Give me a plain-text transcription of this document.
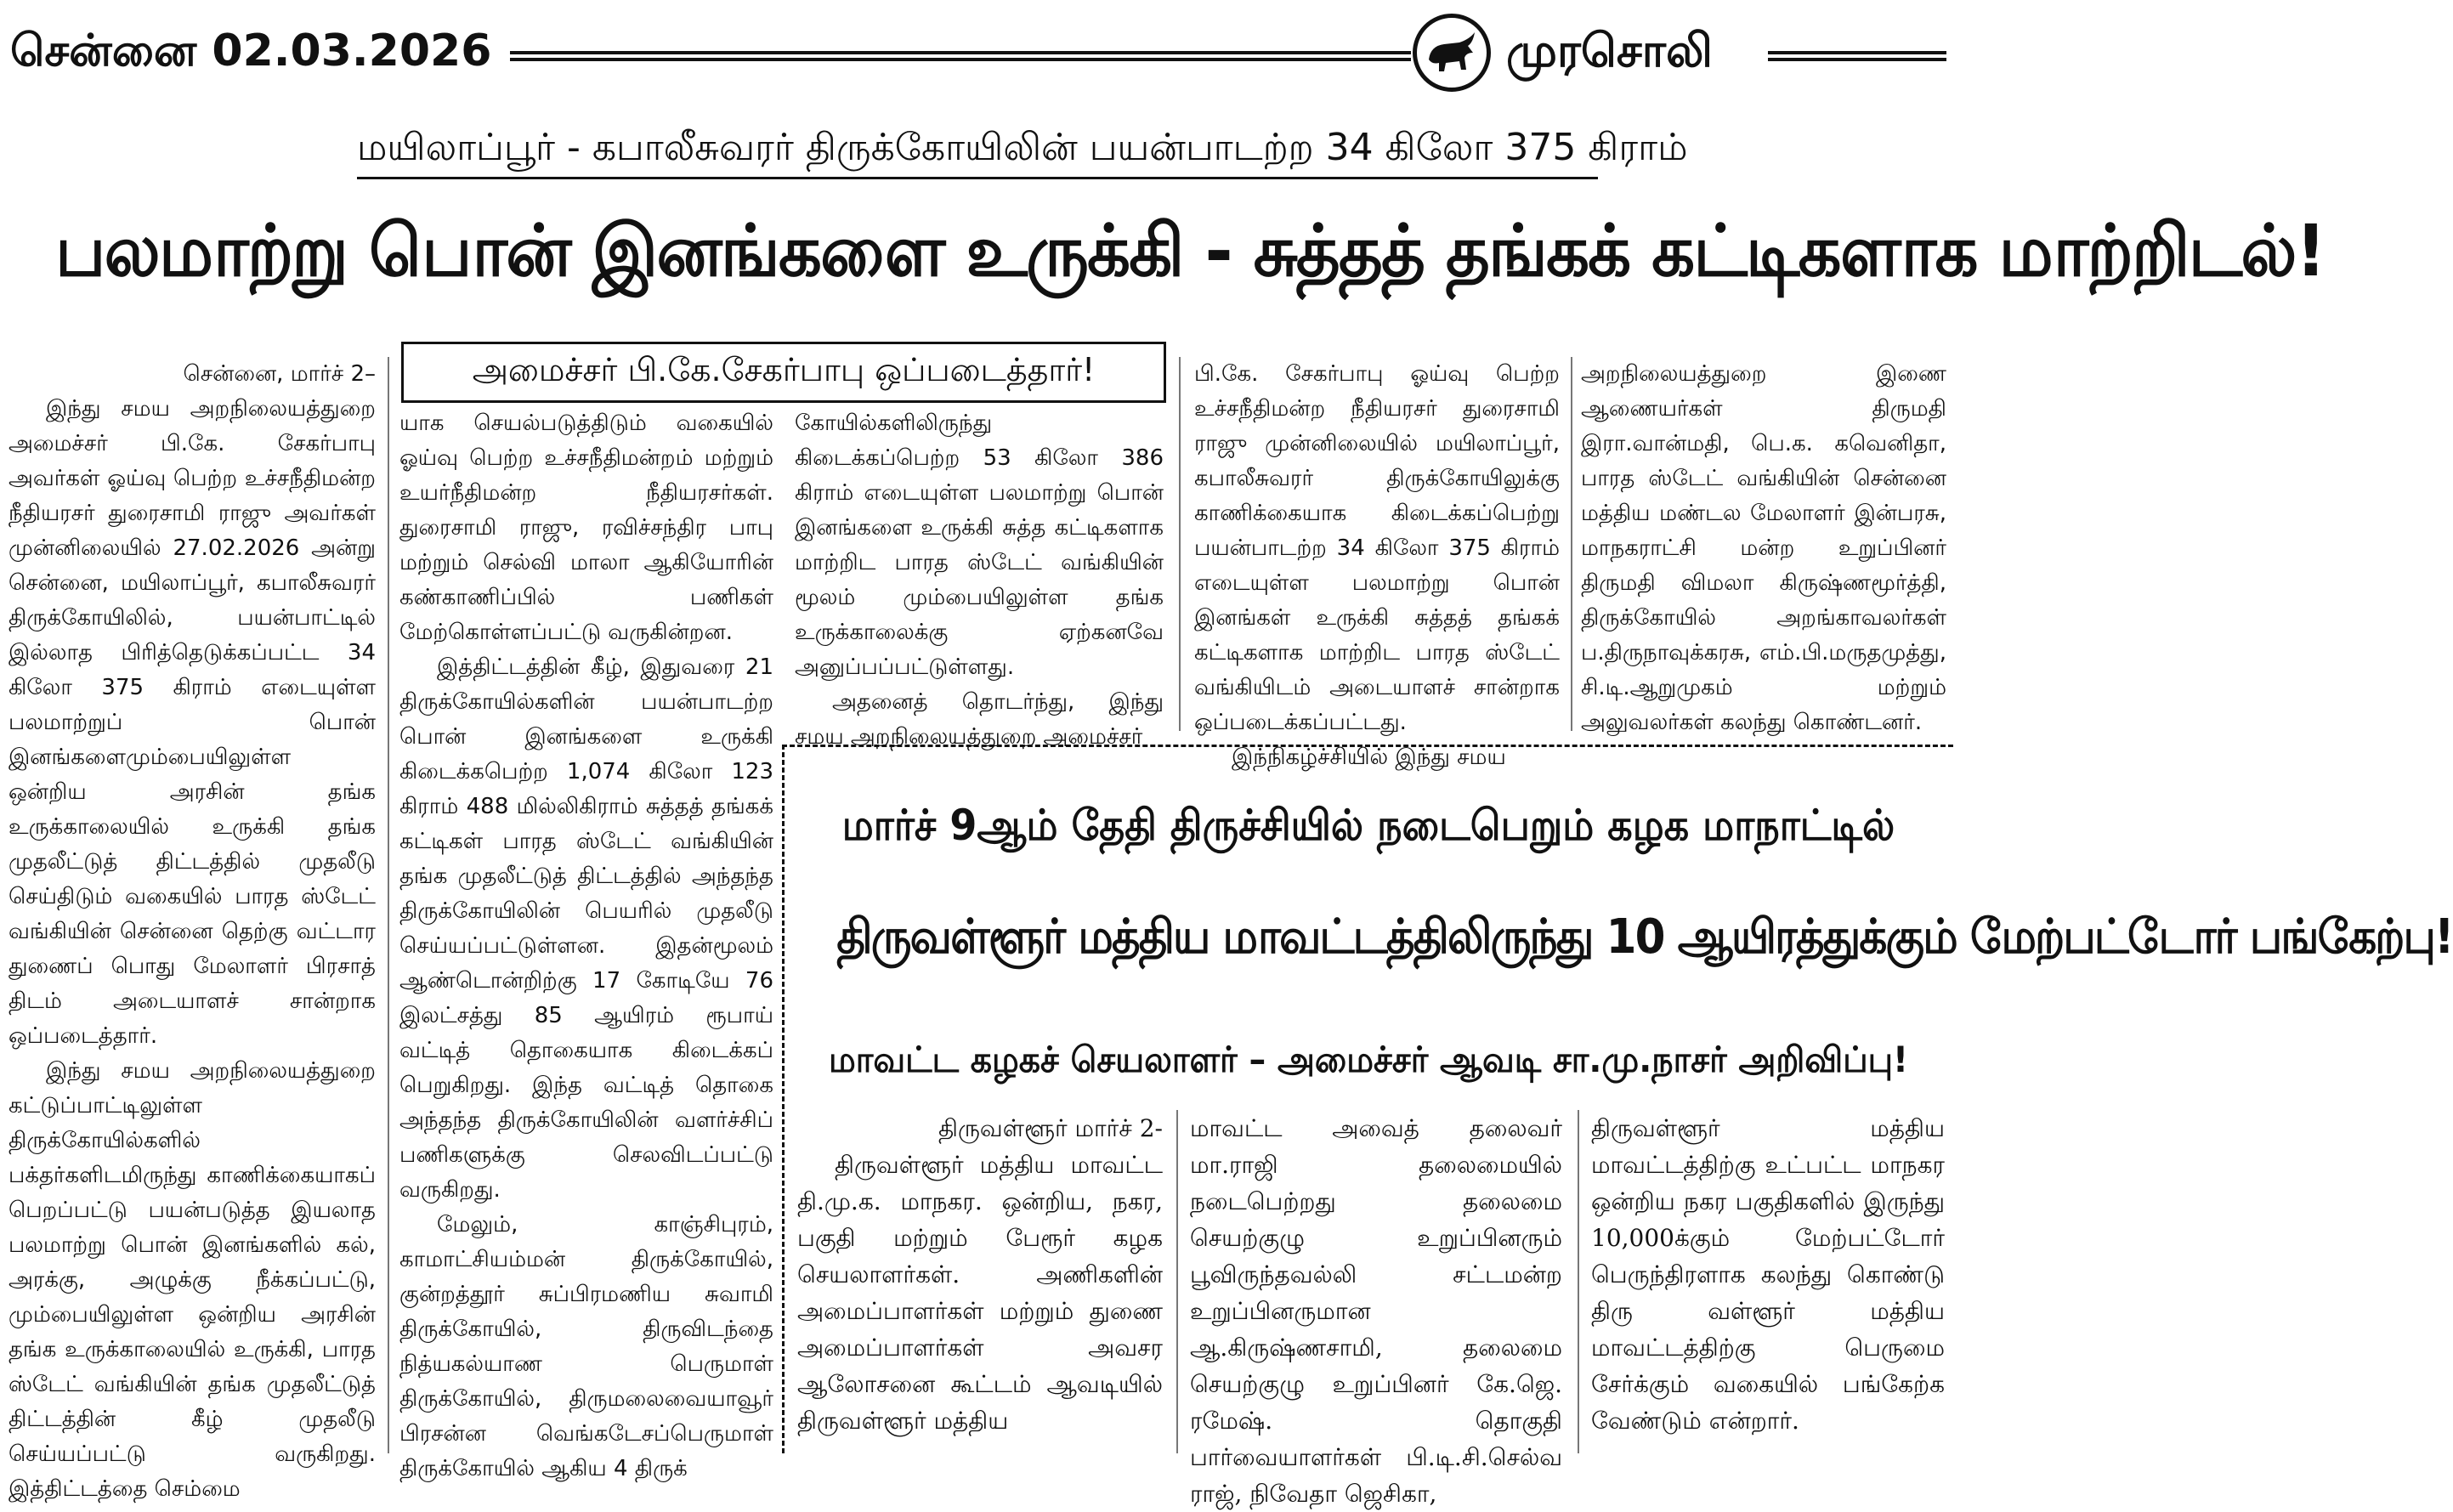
சென்னை 02.03.2026	முரசொலி
மயிலாப்பூர் - கபாலீசுவரர் திருக்கோயிலின் பயன்பாடற்ற 34 கிலோ 375 கிராம்
பலமாற்று பொன் இனங்களை உருக்கி - சுத்தத் தங்கக் கட்டிகளாக மாற்றிடல்!

சென்னை, மார்ச் 2–

இந்து சமய அறநிலையத்துறை அமைச்சர் பி.கே. சேகர்பாபு அவர்கள் ஓய்வு பெற்ற உச்சநீதிமன்ற நீதியரசர் துரைசாமி ராஜு அவர்கள் முன்னிலையில் 27.02.2026 அன்று சென்னை, மயிலாப்பூர், கபாலீசுவரர் திருக்கோயிலில், பயன்பாட்டில் இல்லாத பிரித்தெடுக்கப்பட்ட 34 கிலோ 375 கிராம் எடையுள்ள பலமாற்றுப் பொன் இனங்களைமும்பையிலுள்ள ஒன்றிய அரசின் தங்க உருக்காலையில் உருக்கி தங்க முதலீட்டுத் திட்டத்தில் முதலீடு செய்திடும் வகையில் பாரத ஸ்டேட் வங்கியின் சென்னை தெற்கு வட்டார துணைப் பொது மேலாளர் பிரசாத் திடம் அடையாளச் சான்றாக ஒப்படைத்தார்.

இந்து சமய அறநிலையத்துறை கட்டுப்பாட்டிலுள்ள திருக்கோயில்களில் பக்தர்களிடமிருந்து காணிக்கையாகப் பெறப்பட்டு பயன்படுத்த இயலாத பலமாற்று பொன் இனங்களில் கல், அரக்கு, அழுக்கு நீக்கப்பட்டு, மும்பையிலுள்ள ஒன்றிய அரசின் தங்க உருக்காலையில் உருக்கி, பாரத ஸ்டேட் வங்கியின் தங்க முதலீட்டுத் திட்டத்தின் கீழ் முதலீடு செய்யப்பட்டு வருகிறது. இத்திட்டத்தை செம்மை

அமைச்சர் பி.கே.சேகர்பாபு ஒப்படைத்தார்!

யாக செயல்படுத்திடும் வகையில் ஓய்வு பெற்ற உச்சநீதிமன்றம் மற்றும் உயர்நீதிமன்ற நீதியரசர்கள். துரைசாமி ராஜு, ரவிச்சந்திர பாபு மற்றும் செல்வி மாலா ஆகியோரின் கண்காணிப்பில் பணிகள் மேற்கொள்ளப்பட்டு வருகின்றன.

இத்திட்டத்தின் கீழ், இதுவரை 21 திருக்கோயில்களின் பயன்பாடற்ற பொன் இனங்களை உருக்கி கிடைக்கபெற்ற 1,074 கிலோ 123 கிராம் 488 மில்லிகிராம் சுத்தத் தங்கக் கட்டிகள் பாரத ஸ்டேட் வங்கியின் தங்க முதலீட்டுத் திட்டத்தில் அந்தந்த திருக்கோயிலின் பெயரில் முதலீடு செய்யப்பட்டுள்ளன. இதன்மூலம் ஆண்டொன்றிற்கு 17 கோடியே 76 இலட்சத்து 85 ஆயிரம் ரூபாய் வட்டித் தொகையாக கிடைக்கப் பெறுகிறது. இந்த வட்டித் தொகை அந்தந்த திருக்கோயிலின் வளர்ச்சிப் பணிகளுக்கு செலவிடப்பட்டு வருகிறது.

மேலும், காஞ்சிபுரம், காமாட்சியம்மன் திருக்கோயில், குன்றத்தூர் சுப்பிரமணிய சுவாமி திருக்கோயில், திருவிடந்தை நித்யகல்யாண பெருமாள் திருக்கோயில், திருமலைவையாவூர் பிரசன்ன வெங்கடேசப்பெருமாள் திருக்கோயில் ஆகிய 4 திருக்

கோயில்களிலிருந்து கிடைக்கப்பெற்ற 53 கிலோ 386 கிராம் எடையுள்ள பலமாற்று பொன் இனங்களை உருக்கி சுத்த கட்டிகளாக மாற்றிட பாரத ஸ்டேட் வங்கியின் மூலம் மும்பையிலுள்ள தங்க உருக்காலைக்கு ஏற்கனவே அனுப்பப்பட்டுள்ளது.

அதனைத் தொடர்ந்து, இந்து சமய அறநிலையத்துறை அமைச்சர்

பி.கே. சேகர்பாபு ஓய்வு பெற்ற உச்சநீதிமன்ற நீதியரசர் துரைசாமி ராஜு முன்னிலையில் மயிலாப்பூர், கபாலீசுவரர் திருக்கோயிலுக்கு காணிக்கையாக கிடைக்கப்பெற்று பயன்பாடற்ற 34 கிலோ 375 கிராம் எடையுள்ள பலமாற்று பொன் இனங்கள் உருக்கி சுத்தத் தங்கக் கட்டிகளாக மாற்றிட பாரத ஸ்டேட் வங்கியிடம் அடையாளச் சான்றாக ஒப்படைக்கப்பட்டது.

இந்நிகழ்ச்சியில் இந்து சமய

அறநிலையத்துறை இணை ஆணையர்கள் திருமதி இரா.வான்மதி, பெ.க. கவெனிதா, பாரத ஸ்டேட் வங்கியின் சென்னை மத்திய மண்டல மேலாளர் இன்பரசு, மாநகராட்சி மன்ற உறுப்பினர் திருமதி விமலா கிருஷ்ணமூர்த்தி, திருக்கோயில் அறங்காவலர்கள் ப.திருநாவுக்கரசு, எம்.பி.மருதமுத்து, சி.டி.ஆறுமுகம் மற்றும் அலுவலர்கள் கலந்து கொண்டனர்.

மார்ச் 9ஆம் தேதி திருச்சியில் நடைபெறும் கழக மாநாட்டில்
திருவள்ளூர் மத்திய மாவட்டத்திலிருந்து 10 ஆயிரத்துக்கும் மேற்பட்டோர் பங்கேற்பு!
மாவட்ட கழகச் செயலாளர் – அமைச்சர் ஆவடி சா.மு.நாசர் அறிவிப்பு!

திருவள்ளூர் மார்ச் 2-

திருவள்ளூர் மத்திய மாவட்ட தி.மு.க. மாநகர. ஒன்றிய, நகர, பகுதி மற்றும் பேரூர் கழக செயலாளர்கள். அணிகளின் அமைப்பாளர்கள் மற்றும் துணை அமைப்பாளர்கள் அவசர ஆலோசனை கூட்டம் ஆவடியில் திருவள்ளூர் மத்திய

மாவட்ட அவைத் தலைவர் மா.ராஜி தலைமையில் நடைபெற்றது தலைமை செயற்குழு உறுப்பினரும் பூவிருந்தவல்லி சட்டமன்ற உறுப்பினருமான ஆ.கிருஷ்ணசாமி, தலைமை செயற்குழு உறுப்பினர் கே.ஜெ. ரமேஷ். தொகுதி பார்வையாளர்கள் பி.டி.சி.செல்வ ராஜ், நிவேதா ஜெசிகா,

திருவள்ளூர் மத்திய மாவட்டத்திற்கு உட்பட்ட மாநகர ஒன்றிய நகர பகுதிகளில் இருந்து 10,000க்கும் மேற்பட்டோர் பெருந்திரளாக கலந்து கொண்டு திரு வள்ளூர் மத்திய மாவட்டத்திற்கு பெருமை சேர்க்கும் வகையில் பங்கேற்க வேண்டும் என்றார்.
